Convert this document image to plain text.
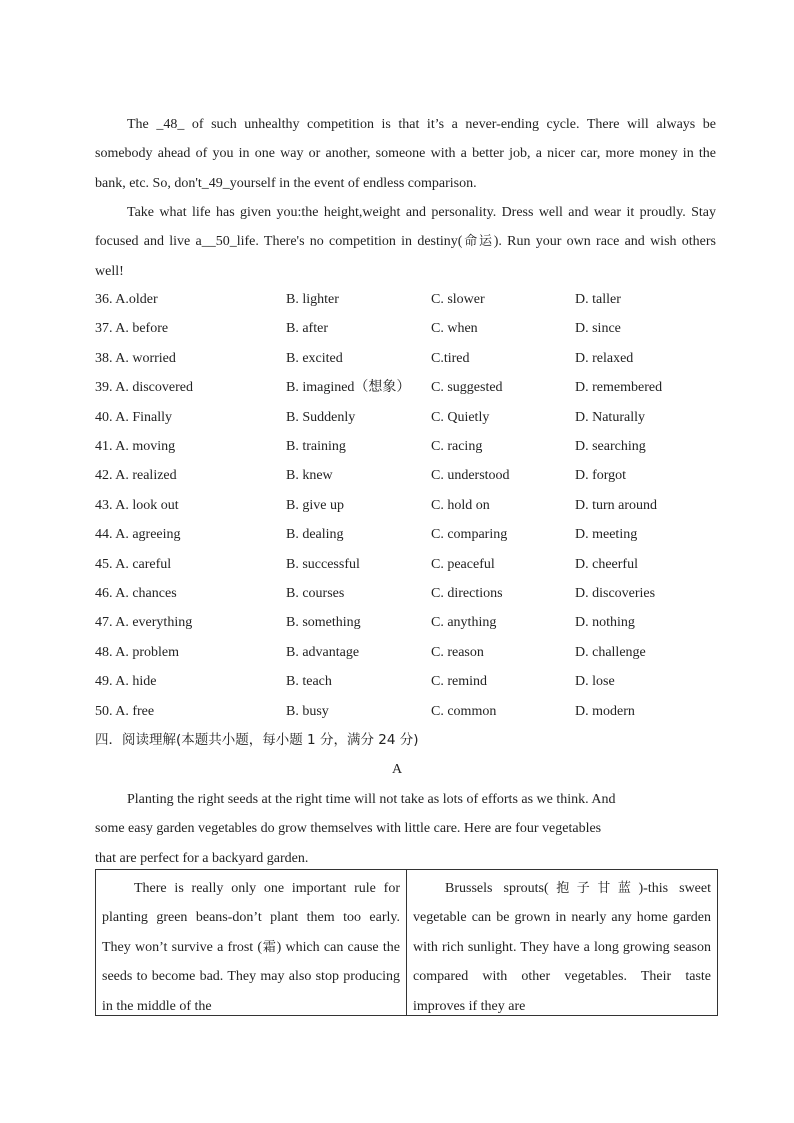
The _48_ of such unhealthy competition is that it’s a never-ending cycle. There will always be somebody ahead of you in one way or another, someone with a better job, a nicer car, more money in the bank, etc. So, don't_49_yourself in the event of endless comparison.

Take what life has given you:the height,weight and personality. Dress well and wear it proudly. Stay focused and live a__50_life. There's no competition in destiny(命运). Run your own race and wish others well!

36. A.older	B. lighter	C. slower	D. taller
37. A. before	B. after	C. when	D. since
38. A. worried	B. excited	C.tired	D. relaxed
39. A. discovered	B. imagined（想象） C. suggested	D. remembered
40. A. Finally	B. Suddenly	C. Quietly	D. Naturally
41. A. moving	B. training	C. racing	D. searching
42. A. realized	B. knew	C. understood	D. forgot
43. A. look out	B. give up	C. hold on	D. turn around
44. A. agreeing	B. dealing	C. comparing	D. meeting
45. A. careful	B. successful	C. peaceful	D. cheerful
46. A. chances	B. courses	C. directions	D. discoveries
47. A. everything	B. something	C. anything	D. nothing
48. A. problem	B. advantage	C. reason	D. challenge
49. A. hide	B. teach	C. remind	D. lose
50. A. free	B. busy	C. common	D. modern
四．阅读理解(本题共小题，每小题 1 分，满分 24 分)
A
Planting the right seeds at the right time will not take as lots of efforts as we think. And
some easy garden vegetables do grow themselves with little care. Here are four vegetables
that are perfect for a backyard garden.
There is really only one important rule for planting green beans-don’t plant them too early. They won’t survive a frost (霜) which can cause the seeds to become bad. They may also stop producing in the middle of the

Brussels sprouts(抱子甘蓝)-this sweet vegetable can be grown in nearly any home garden with rich sunlight. They have a long growing season compared with other vegetables. Their taste improves if they are
